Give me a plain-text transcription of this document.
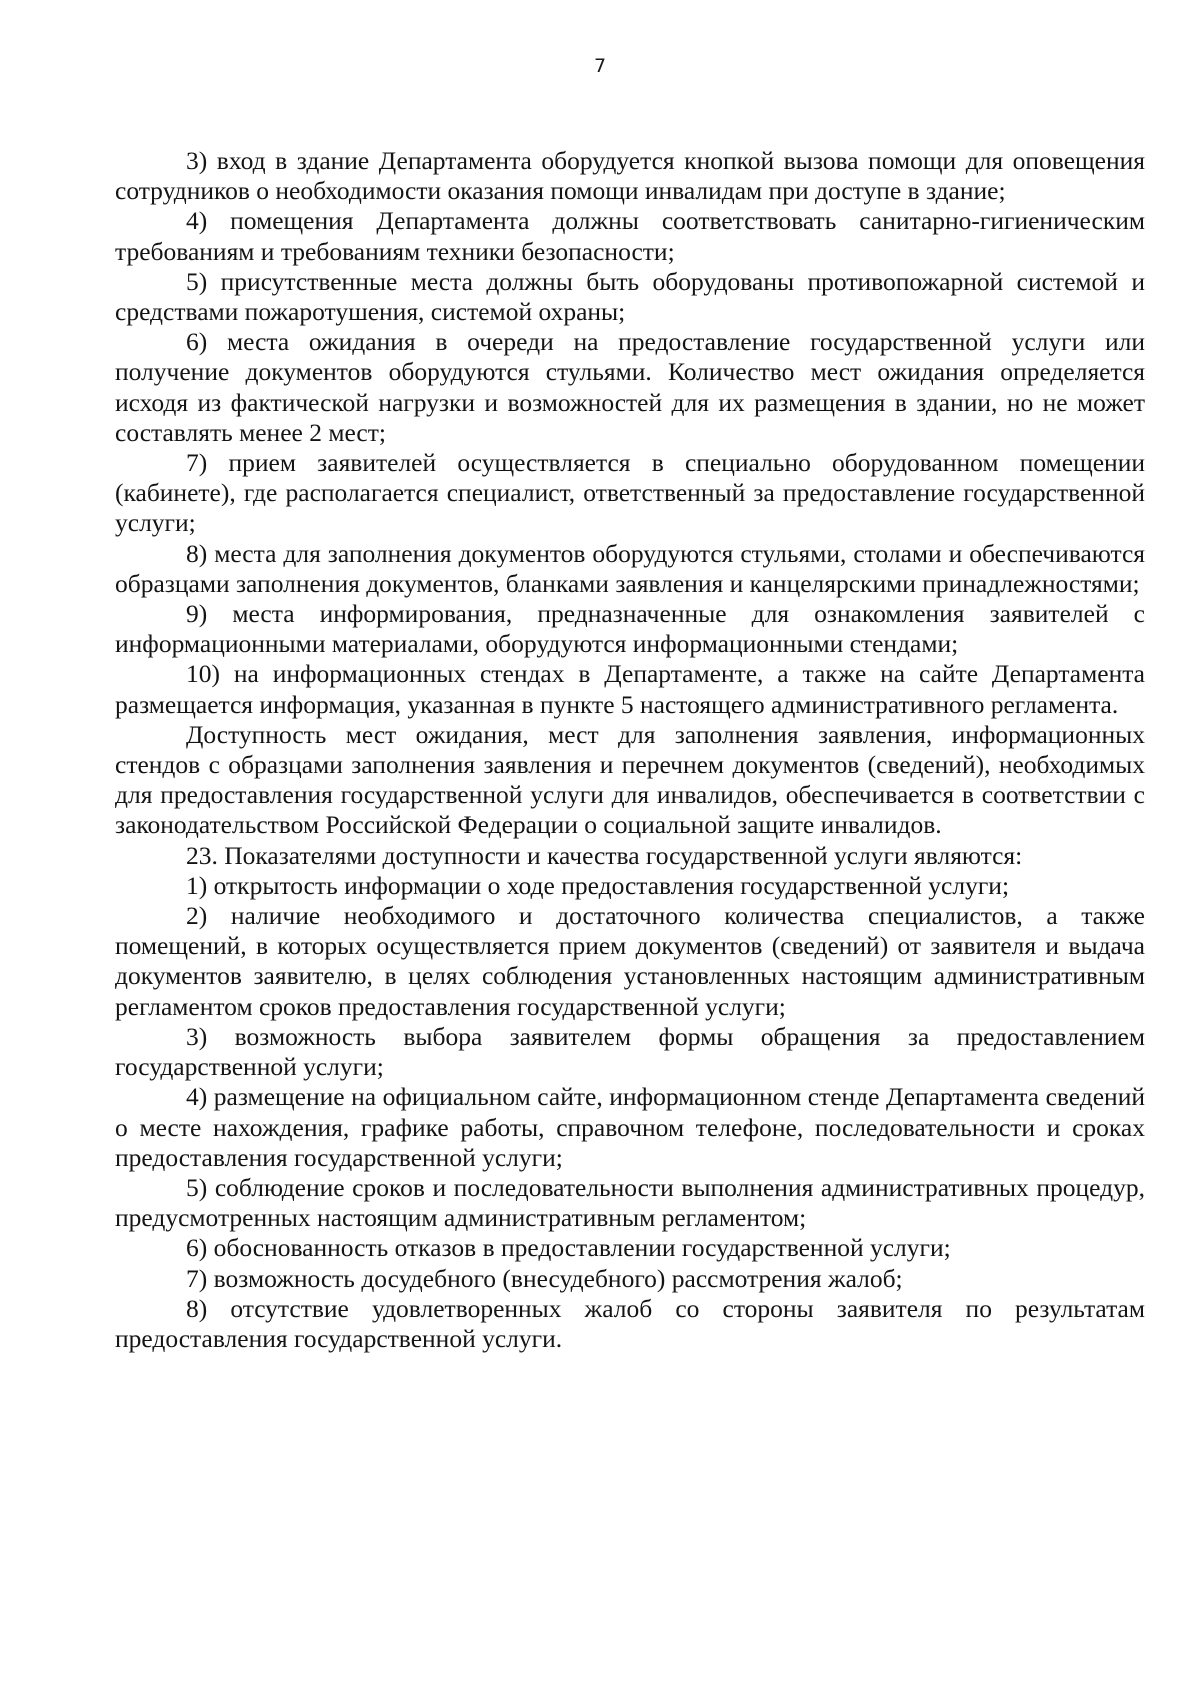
7

3) вход в здание Департамента оборудуется кнопкой вызова помощи для оповещения сотрудников о необходимости оказания помощи инвалидам при доступе в здание;

4) помещения Департамента должны соответствовать санитарно-гигиеническим требованиям и требованиям техники безопасности;

5) присутственные места должны быть оборудованы противопожарной системой и средствами пожаротушения, системой охраны;

6) места ожидания в очереди на предоставление государственной услуги или получение документов оборудуются стульями. Количество мест ожидания определяется исходя из фактической нагрузки и возможностей для их размещения в здании, но не может составлять менее 2 мест;

7) прием заявителей осуществляется в специально оборудованном помещении (кабинете), где располагается специалист, ответственный за предоставление государственной услуги;

8) места для заполнения документов оборудуются стульями, столами и обеспечиваются образцами заполнения документов, бланками заявления и канцелярскими принадлежностями;

9) места информирования, предназначенные для ознакомления заявителей с информационными материалами, оборудуются информационными стендами;

10) на информационных стендах в Департаменте, а также на сайте Департамента размещается информация, указанная в пункте 5 настоящего административного регламента.

Доступность мест ожидания, мест для заполнения заявления, информационных стендов с образцами заполнения заявления и перечнем документов (сведений), необходимых для предоставления государственной услуги для инвалидов, обеспечивается в соответствии с законодательством Российской Федерации о социальной защите инвалидов.

23. Показателями доступности и качества государственной услуги являются:

1) открытость информации о ходе предоставления государственной услуги;

2) наличие необходимого и достаточного количества специалистов, а также помещений, в которых осуществляется прием документов (сведений) от заявителя и выдача документов заявителю, в целях соблюдения установленных настоящим административным регламентом сроков предоставления государственной услуги;

3) возможность выбора заявителем формы обращения за предоставлением государственной услуги;

4) размещение на официальном сайте, информационном стенде Департамента сведений о месте нахождения, графике работы, справочном телефоне, последовательности и сроках предоставления государственной услуги;

5) соблюдение сроков и последовательности выполнения административных процедур, предусмотренных настоящим административным регламентом;

6) обоснованность отказов в предоставлении государственной услуги;

7) возможность досудебного (внесудебного) рассмотрения жалоб;

8) отсутствие удовлетворенных жалоб со стороны заявителя по результатам предоставления государственной услуги.
